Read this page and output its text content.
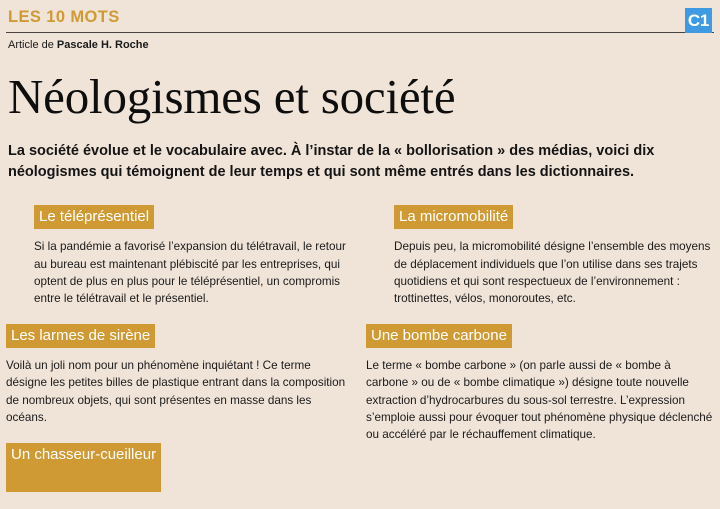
LES 10 MOTS
Article de Pascale H. Roche
C1
Néologismes et société

La société évolue et le vocabulaire avec. À l’instar de la « bollorisation » des médias, voici dix néologismes qui témoignent de leur temps et qui sont même entrés dans les dictionnaires.

Le téléprésentiel

Si la pandémie a favorisé l’expansion du télétravail, le retour au bureau est maintenant plébiscité par les entreprises, qui optent de plus en plus pour le téléprésentiel, un compromis entre le télétravail et le présentiel.

Les larmes de sirène

Voilà un joli nom pour un phénomène inquiétant ! Ce terme désigne les petites billes de plastique entrant dans la composition de nombreux objets, qui sont présentes en masse dans les océans.

Un chasseur-cueilleur
La micromobilité

Depuis peu, la micromobilité désigne l’ensemble des moyens de déplacement individuels que l’on utilise dans ses trajets quotidiens et qui sont respectueux de l’environnement : trottinettes, vélos, monoroutes, etc.

Une bombe carbone

Le terme « bombe carbone » (on parle aussi de « bombe à carbone » ou de « bombe climatique ») désigne toute nouvelle extraction d’hydrocarbures du sous-sol terrestre. L’expression s’emploie aussi pour évoquer tout phénomène physique déclenché ou accéléré par le réchauffement climatique.
